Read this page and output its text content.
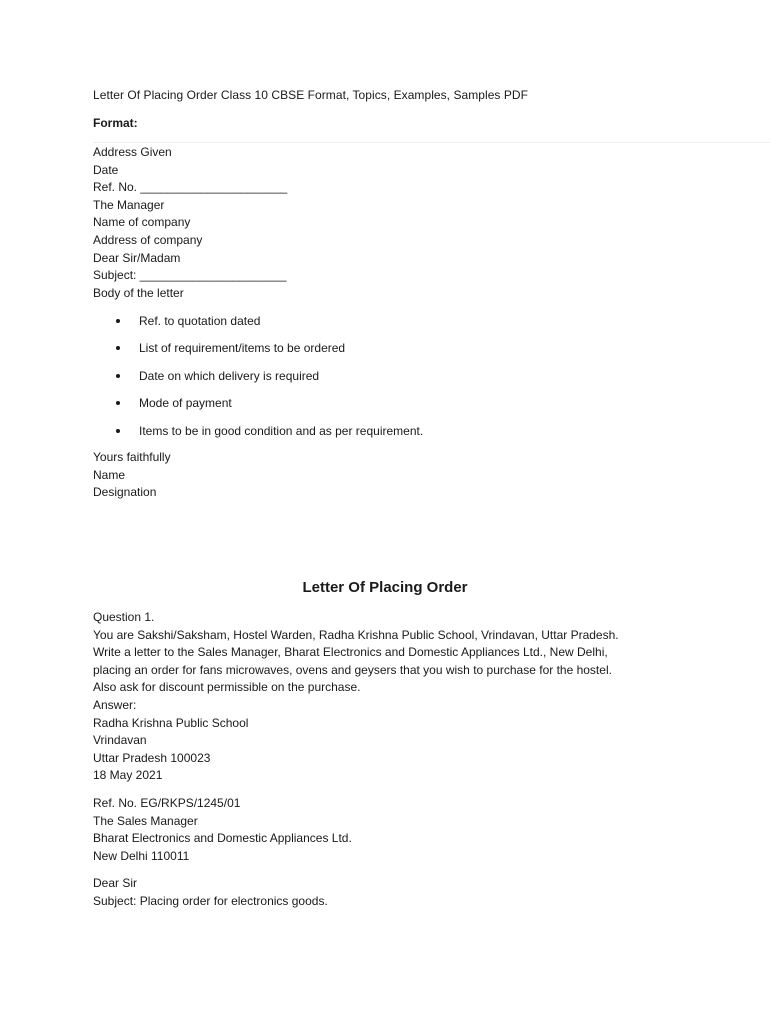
Letter Of Placing Order Class 10 CBSE Format, Topics, Examples, Samples PDF
Format:
Address Given
Date
Ref. No. ______________________
The Manager
Name of company
Address of company
Dear Sir/Madam
Subject: ______________________
Body of the letter
Ref. to quotation dated
List of requirement/items to be ordered
Date on which delivery is required
Mode of payment
Items to be in good condition and as per requirement.
Yours faithfully
Name
Designation
Letter Of Placing Order
Question 1.
You are Sakshi/Saksham, Hostel Warden, Radha Krishna Public School, Vrindavan, Uttar Pradesh.
Write a letter to the Sales Manager, Bharat Electronics and Domestic Appliances Ltd., New Delhi,
placing an order for fans microwaves, ovens and geysers that you wish to purchase for the hostel.
Also ask for discount permissible on the purchase.
Answer:
Radha Krishna Public School
Vrindavan
Uttar Pradesh 100023
18 May 2021
Ref. No. EG/RKPS/1245/01
The Sales Manager
Bharat Electronics and Domestic Appliances Ltd.
New Delhi 110011
Dear Sir
Subject: Placing order for electronics goods.
